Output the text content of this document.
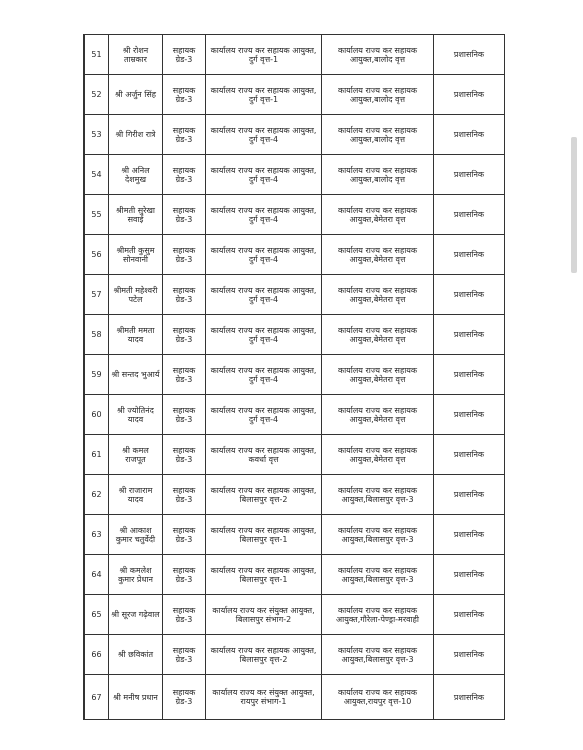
51	श्री रोशन ताम्रकार	सहायक ग्रेड-3	कार्यालय राज्य कर सहायक आयुक्त, दुर्ग वृत्त-1	कार्यालय राज्य कर सहायक आयुक्त,बालोद वृत्त	प्रशासनिक
52	श्री अर्जुन सिंह	सहायक ग्रेड-3	कार्यालय राज्य कर सहायक आयुक्त, दुर्ग वृत्त-1	कार्यालय राज्य कर सहायक आयुक्त,बालोद वृत्त	प्रशासनिक
53	श्री गिरीश रात्रे	सहायक ग्रेड-3	कार्यालय राज्य कर सहायक आयुक्त, दुर्ग वृत्त-4	कार्यालय राज्य कर सहायक आयुक्त,बालोद वृत्त	प्रशासनिक
54	श्री अनिल देशमुख	सहायक ग्रेड-3	कार्यालय राज्य कर सहायक आयुक्त, दुर्ग वृत्त-4	कार्यालय राज्य कर सहायक आयुक्त,बालोद वृत्त	प्रशासनिक
55	श्रीमती सुरेखा सवाई	सहायक ग्रेड-3	कार्यालय राज्य कर सहायक आयुक्त, दुर्ग वृत्त-4	कार्यालय राज्य कर सहायक आयुक्त,बेमेतरा वृत्त	प्रशासनिक
56	श्रीमती कुसुम सोनवानी	सहायक ग्रेड-3	कार्यालय राज्य कर सहायक आयुक्त, दुर्ग वृत्त-4	कार्यालय राज्य कर सहायक आयुक्त,बेमेतरा वृत्त	प्रशासनिक
57	श्रीमती महेश्वरी पटेल	सहायक ग्रेड-3	कार्यालय राज्य कर सहायक आयुक्त, दुर्ग वृत्त-4	कार्यालय राज्य कर सहायक आयुक्त,बेमेतरा वृत्त	प्रशासनिक
58	श्रीमती ममता यादव	सहायक ग्रेड-3	कार्यालय राज्य कर सहायक आयुक्त, दुर्ग वृत्त-4	कार्यालय राज्य कर सहायक आयुक्त,बेमेतरा वृत्त	प्रशासनिक
59	श्री सन्तद भुआर्य	सहायक ग्रेड-3	कार्यालय राज्य कर सहायक आयुक्त, दुर्ग वृत्त-4	कार्यालय राज्य कर सहायक आयुक्त,बेमेतरा वृत्त	प्रशासनिक
60	श्री ज्योतिनंद यादव	सहायक ग्रेड-3	कार्यालय राज्य कर सहायक आयुक्त, दुर्ग वृत्त-4	कार्यालय राज्य कर सहायक आयुक्त,बेमेतरा वृत्त	प्रशासनिक
61	श्री कमल राजपूत	सहायक ग्रेड-3	कार्यालय राज्य कर सहायक आयुक्त, कवर्धा वृत्त	कार्यालय राज्य कर सहायक आयुक्त,बेमेतरा वृत्त	प्रशासनिक
62	श्री राजाराम यादव	सहायक ग्रेड-3	कार्यालय राज्य कर सहायक आयुक्त, बिलासपुर वृत्त-2	कार्यालय राज्य कर सहायक आयुक्त,बिलासपुर वृत्त-3	प्रशासनिक
63	श्री आकाश कुमार चतुर्वेदी	सहायक ग्रेड-3	कार्यालय राज्य कर सहायक आयुक्त, बिलासपुर वृत्त-1	कार्यालय राज्य कर सहायक आयुक्त,बिलासपुर वृत्त-3	प्रशासनिक
64	श्री कमलेश कुमार प्रेधान	सहायक ग्रेड-3	कार्यालय राज्य कर सहायक आयुक्त, बिलासपुर वृत्त-1	कार्यालय राज्य कर सहायक आयुक्त,बिलासपुर वृत्त-3	प्रशासनिक
65	श्री सूरज गढ़ेवाल	सहायक ग्रेड-3	कार्यालय राज्य कर संयुक्त आयुक्त, बिलासपुर संभाग-2	कार्यालय राज्य कर सहायक आयुक्त,गौरेला-पेण्ड्रा-मरवाही	प्रशासनिक
66	श्री छविकांत	सहायक ग्रेड-3	कार्यालय राज्य कर सहायक आयुक्त, बिलासपुर वृत्त-2	कार्यालय राज्य कर सहायक आयुक्त,बिलासपुर वृत्त-3	प्रशासनिक
67	श्री मनीष प्रधान	सहायक ग्रेड-3	कार्यालय राज्य कर संयुक्त आयुक्त, रायपुर संभाग-1	कार्यालय राज्य कर सहायक आयुक्त,रायपुर वृत्त-10	प्रशासनिक
